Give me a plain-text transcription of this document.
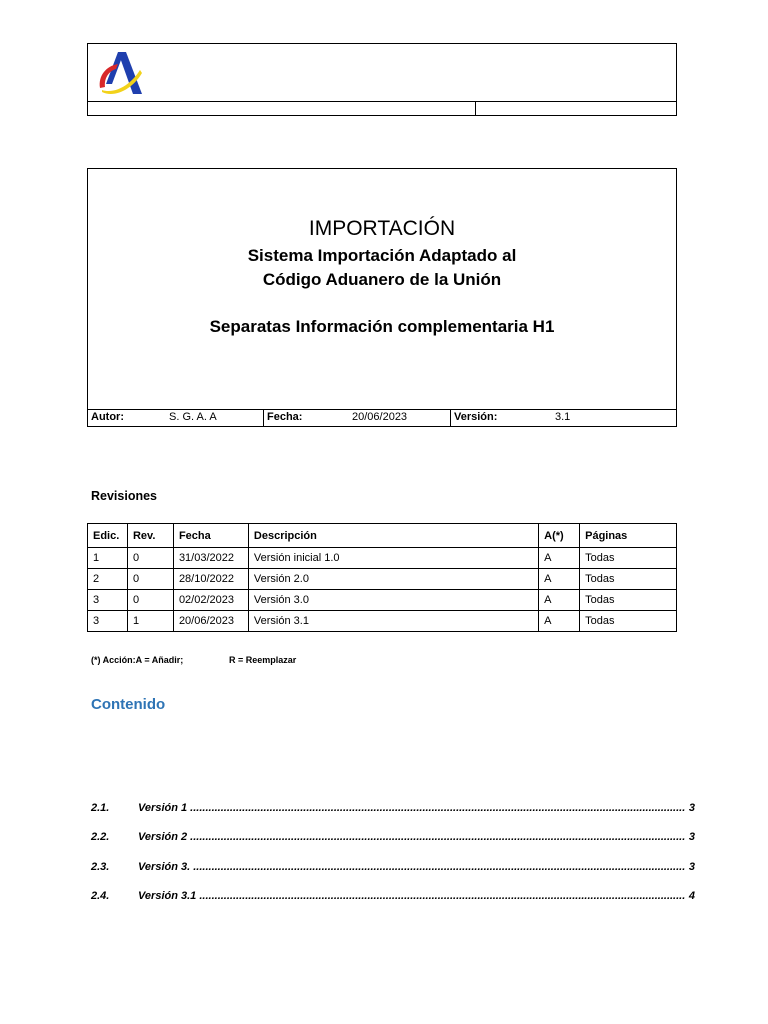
IMPORTACIÓN
Sistema Importación Adaptado al
Código Aduanero de la Unión
Separatas Información complementaria H1
Autor:	S. G. A. A	Fecha:	20/06/2023	Versión:	3.1
Revisiones
Edic.	Rev.	Fecha	Descripción	A(*)	Páginas
1	0	31/03/2022	Versión inicial 1.0	A	Todas
2	0	28/10/2022	Versión 2.0	A	Todas
3	0	02/02/2023	Versión 3.0	A	Todas
3	1	20/06/2023	Versión 3.1	A	Todas
(*) Acción:A = Añadir;	R = Reemplazar
Contenido
2.1.	Versión 1 .....	3
2.2.	Versión 2 .....	3
2.3.	Versión 3. .....	3
2.4.	Versión 3.1 .....	4
